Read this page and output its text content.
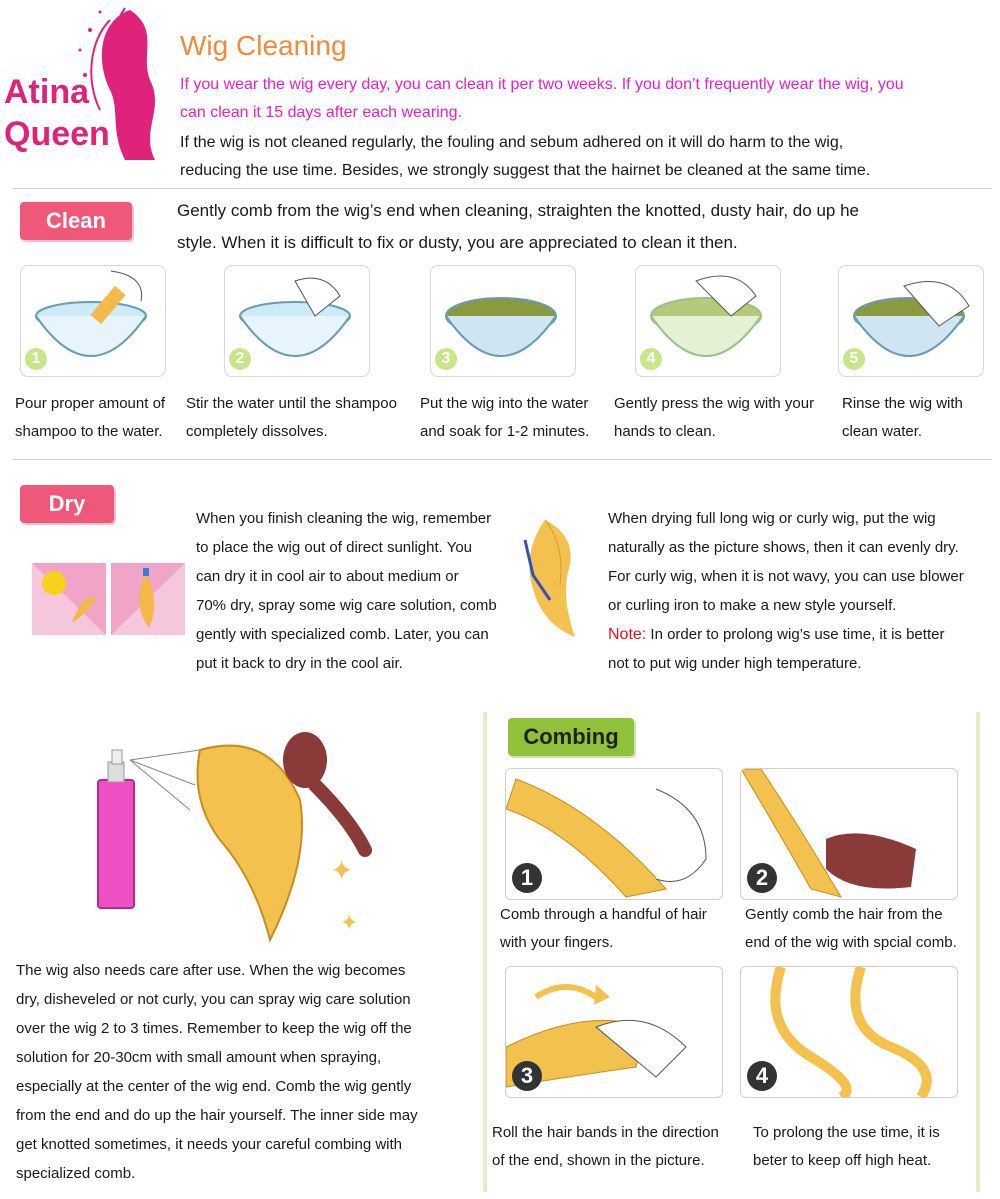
Atina
Queen
Wig Cleaning
If you wear the wig every day, you can clean it per two weeks. If you don’t frequently wear the wig, you
can clean it 15 days after each wearing.
If the wig is not cleaned regularly, the fouling and sebum adhered on it will do harm to the wig,
reducing the use time. Besides, we strongly suggest that the hairnet be cleaned at the same time.
Clean	Gently comb from the wig’s end when cleaning, straighten the knotted, dusty hair, do up he
style. When it is difficult to fix or dusty, you are appreciated to clean it then.
1	2	3	4	5
Pour proper amount of
shampoo to the water.
Stir the water until the shampoo
completely dissolves.
Put the wig into the water
and soak for 1-2 minutes.
Gently press the wig with your
hands to clean.
Rinse the wig with
clean water.
Dry
When you finish cleaning the wig, remember
to place the wig out of direct sunlight. You
can dry it in cool air to about medium or
70% dry, spray some wig care solution, comb
gently with specialized comb. Later, you can
put it back to dry in the cool air.
When drying full long wig or curly wig, put the wig
naturally as the picture shows, then it can evenly dry.
For curly wig, when it is not wavy, you can use blower
or curling iron to make a new style yourself.
Note: In order to prolong wig’s use time, it is better
not to put wig under high temperature.
✦
✦
The wig also needs care after use. When the wig becomes
dry, disheveled or not curly, you can spray wig care solution
over the wig 2 to 3 times. Remember to keep the wig off the
solution for 20-30cm with small amount when spraying,
especially at the center of the wig end. Comb the wig gently
from the end and do up the hair yourself. The inner side may
get knotted sometimes, it needs your careful combing with
specialized comb.
Combing
1	2
Comb through a handful of hair
with your fingers.
Gently comb the hair from the
end of the wig with spcial comb.
3	4
Roll the hair bands in the direction
of the end, shown in the picture.
To prolong the use time, it is
beter to keep off high heat.
